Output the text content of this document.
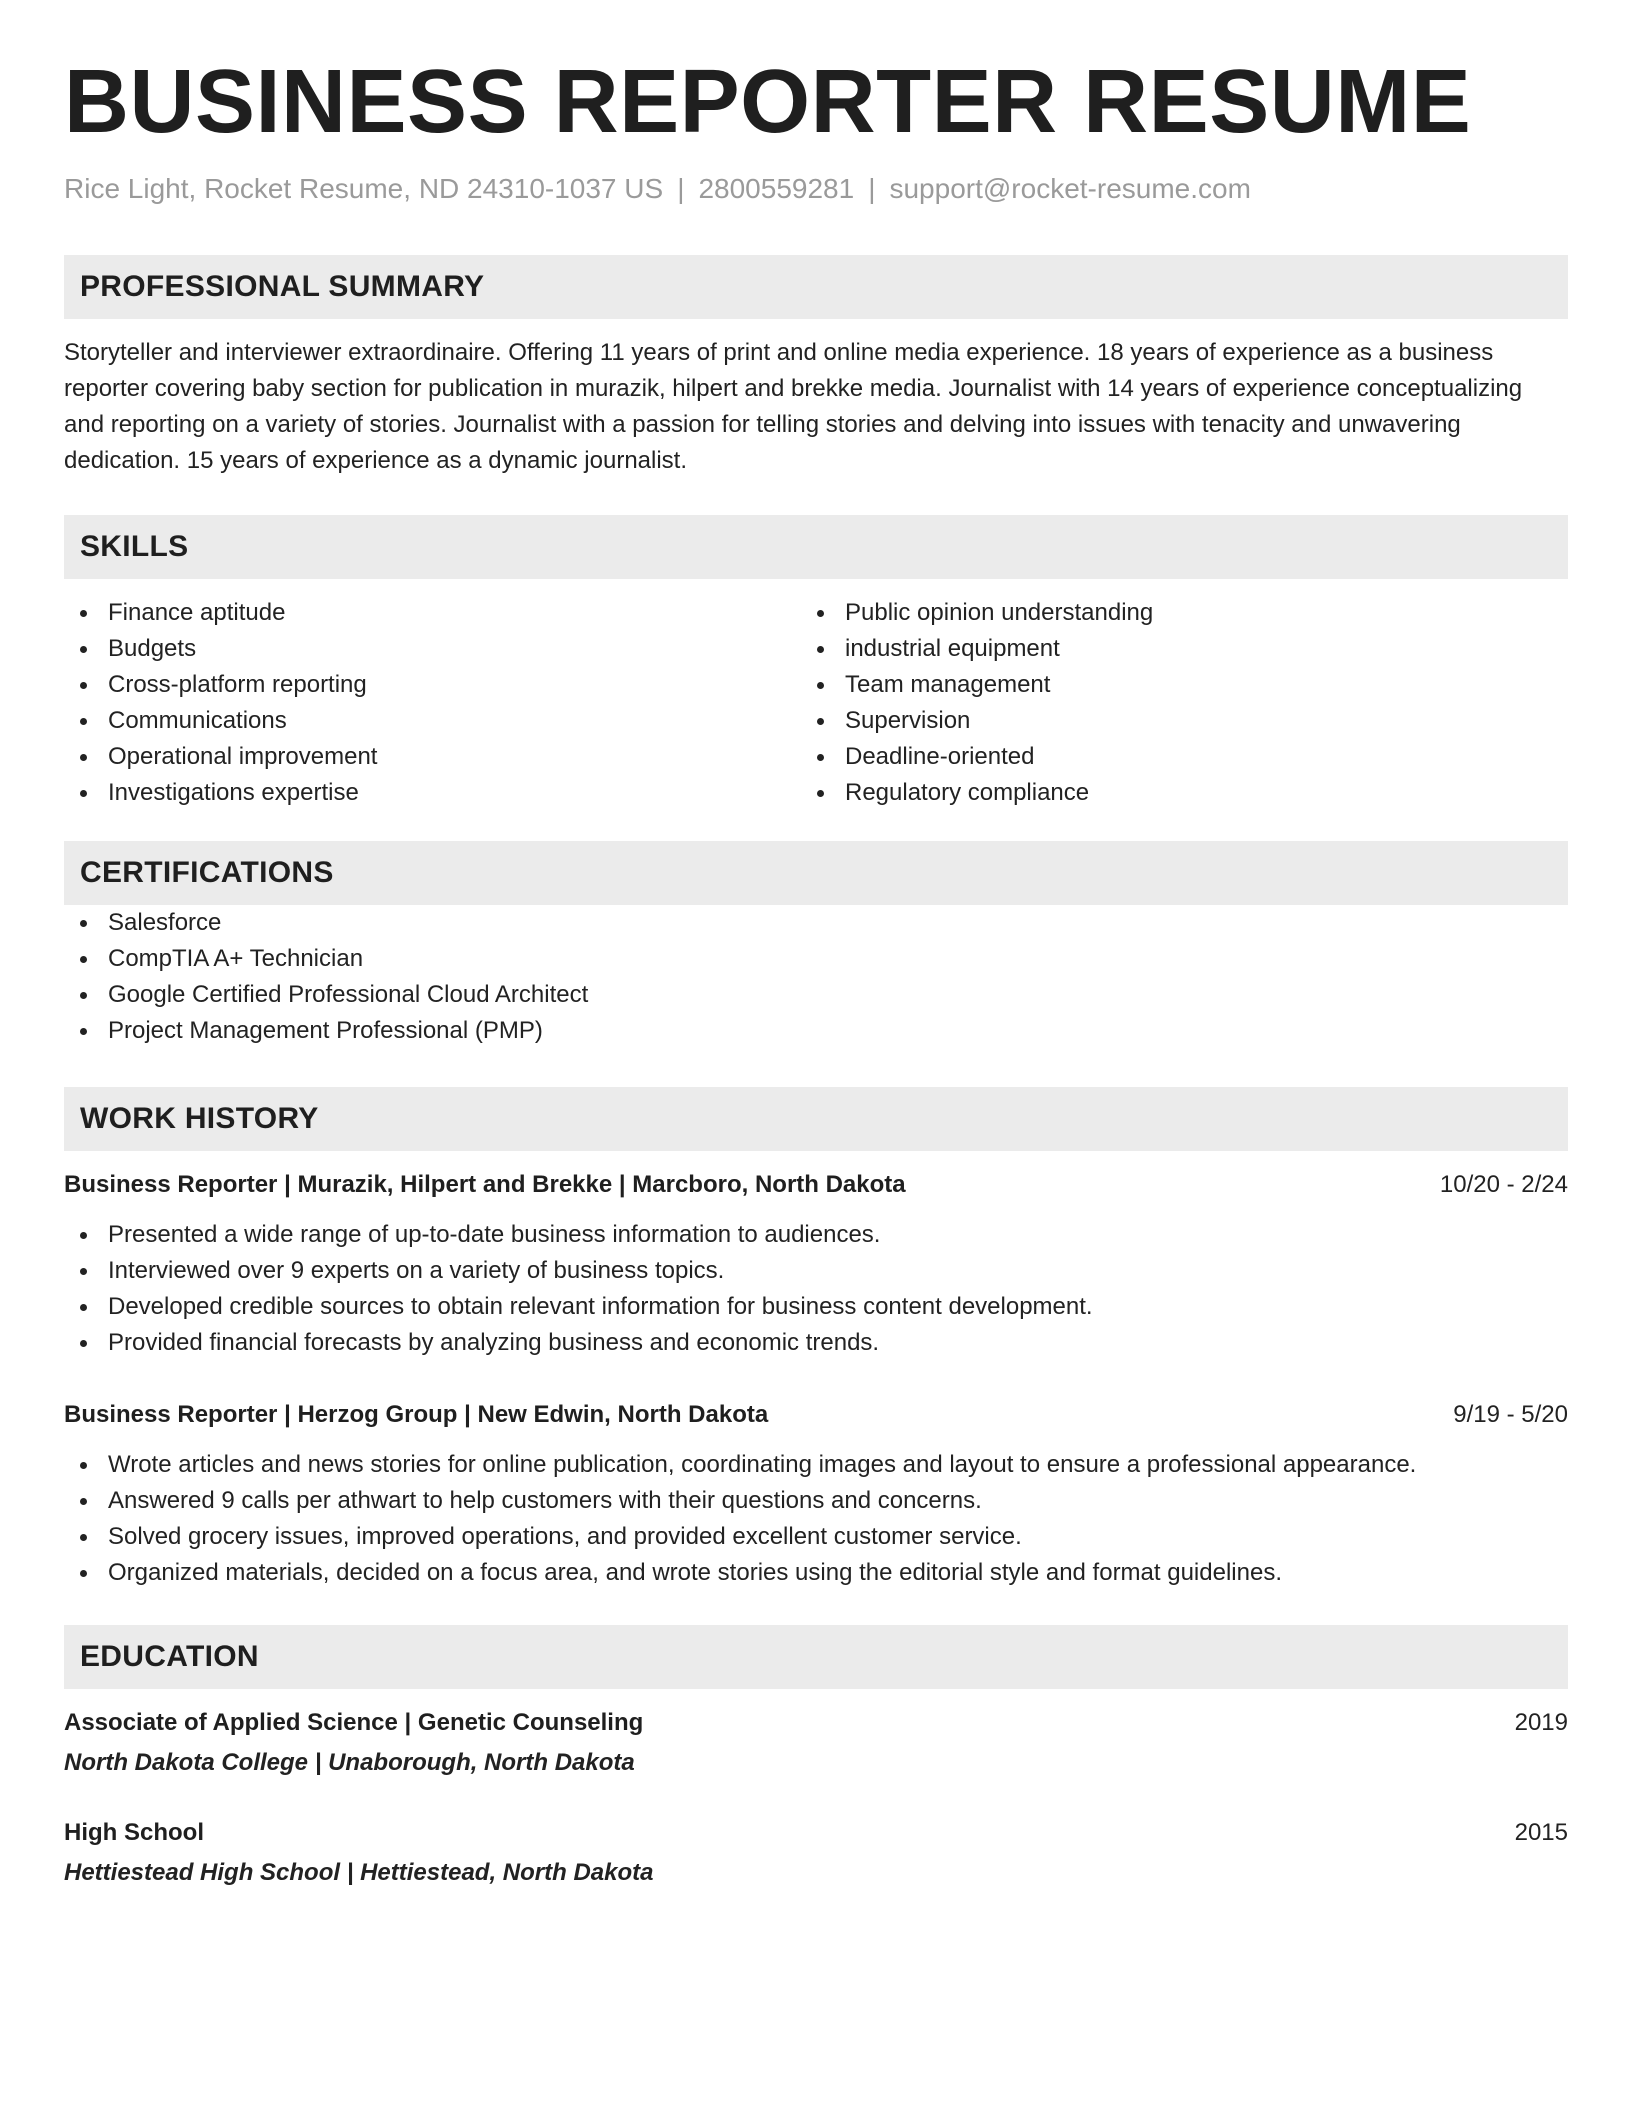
BUSINESS REPORTER RESUME
Rice Light, Rocket Resume, ND 24310-1037 US | 2800559281 | support@rocket-resume.com
PROFESSIONAL SUMMARY

Storyteller and interviewer extraordinaire. Offering 11 years of print and online media experience. 18 years of experience as a business reporter covering baby section for publication in murazik, hilpert and brekke media. Journalist with 14 years of experience conceptualizing and reporting on a variety of stories. Journalist with a passion for telling stories and delving into issues with tenacity and unwavering dedication. 15 years of experience as a dynamic journalist.

SKILLS
Finance aptitude
Budgets
Cross-platform reporting
Communications
Operational improvement
Investigations expertise
Public opinion understanding
industrial equipment
Team management
Supervision
Deadline-oriented
Regulatory compliance
CERTIFICATIONS
Salesforce
CompTIA A+ Technician
Google Certified Professional Cloud Architect
Project Management Professional (PMP)
WORK HISTORY
Business Reporter | Murazik, Hilpert and Brekke | Marcboro, North Dakota	10/20 - 2/24
Presented a wide range of up-to-date business information to audiences.
Interviewed over 9 experts on a variety of business topics.
Developed credible sources to obtain relevant information for business content development.
Provided financial forecasts by analyzing business and economic trends.
Business Reporter | Herzog Group | New Edwin, North Dakota	9/19 - 5/20
Wrote articles and news stories for online publication, coordinating images and layout to ensure a professional appearance.
Answered 9 calls per athwart to help customers with their questions and concerns.
Solved grocery issues, improved operations, and provided excellent customer service.
Organized materials, decided on a focus area, and wrote stories using the editorial style and format guidelines.
EDUCATION
Associate of Applied Science | Genetic Counseling	2019
North Dakota College | Unaborough, North Dakota
High School	2015
Hettiestead High School | Hettiestead, North Dakota
